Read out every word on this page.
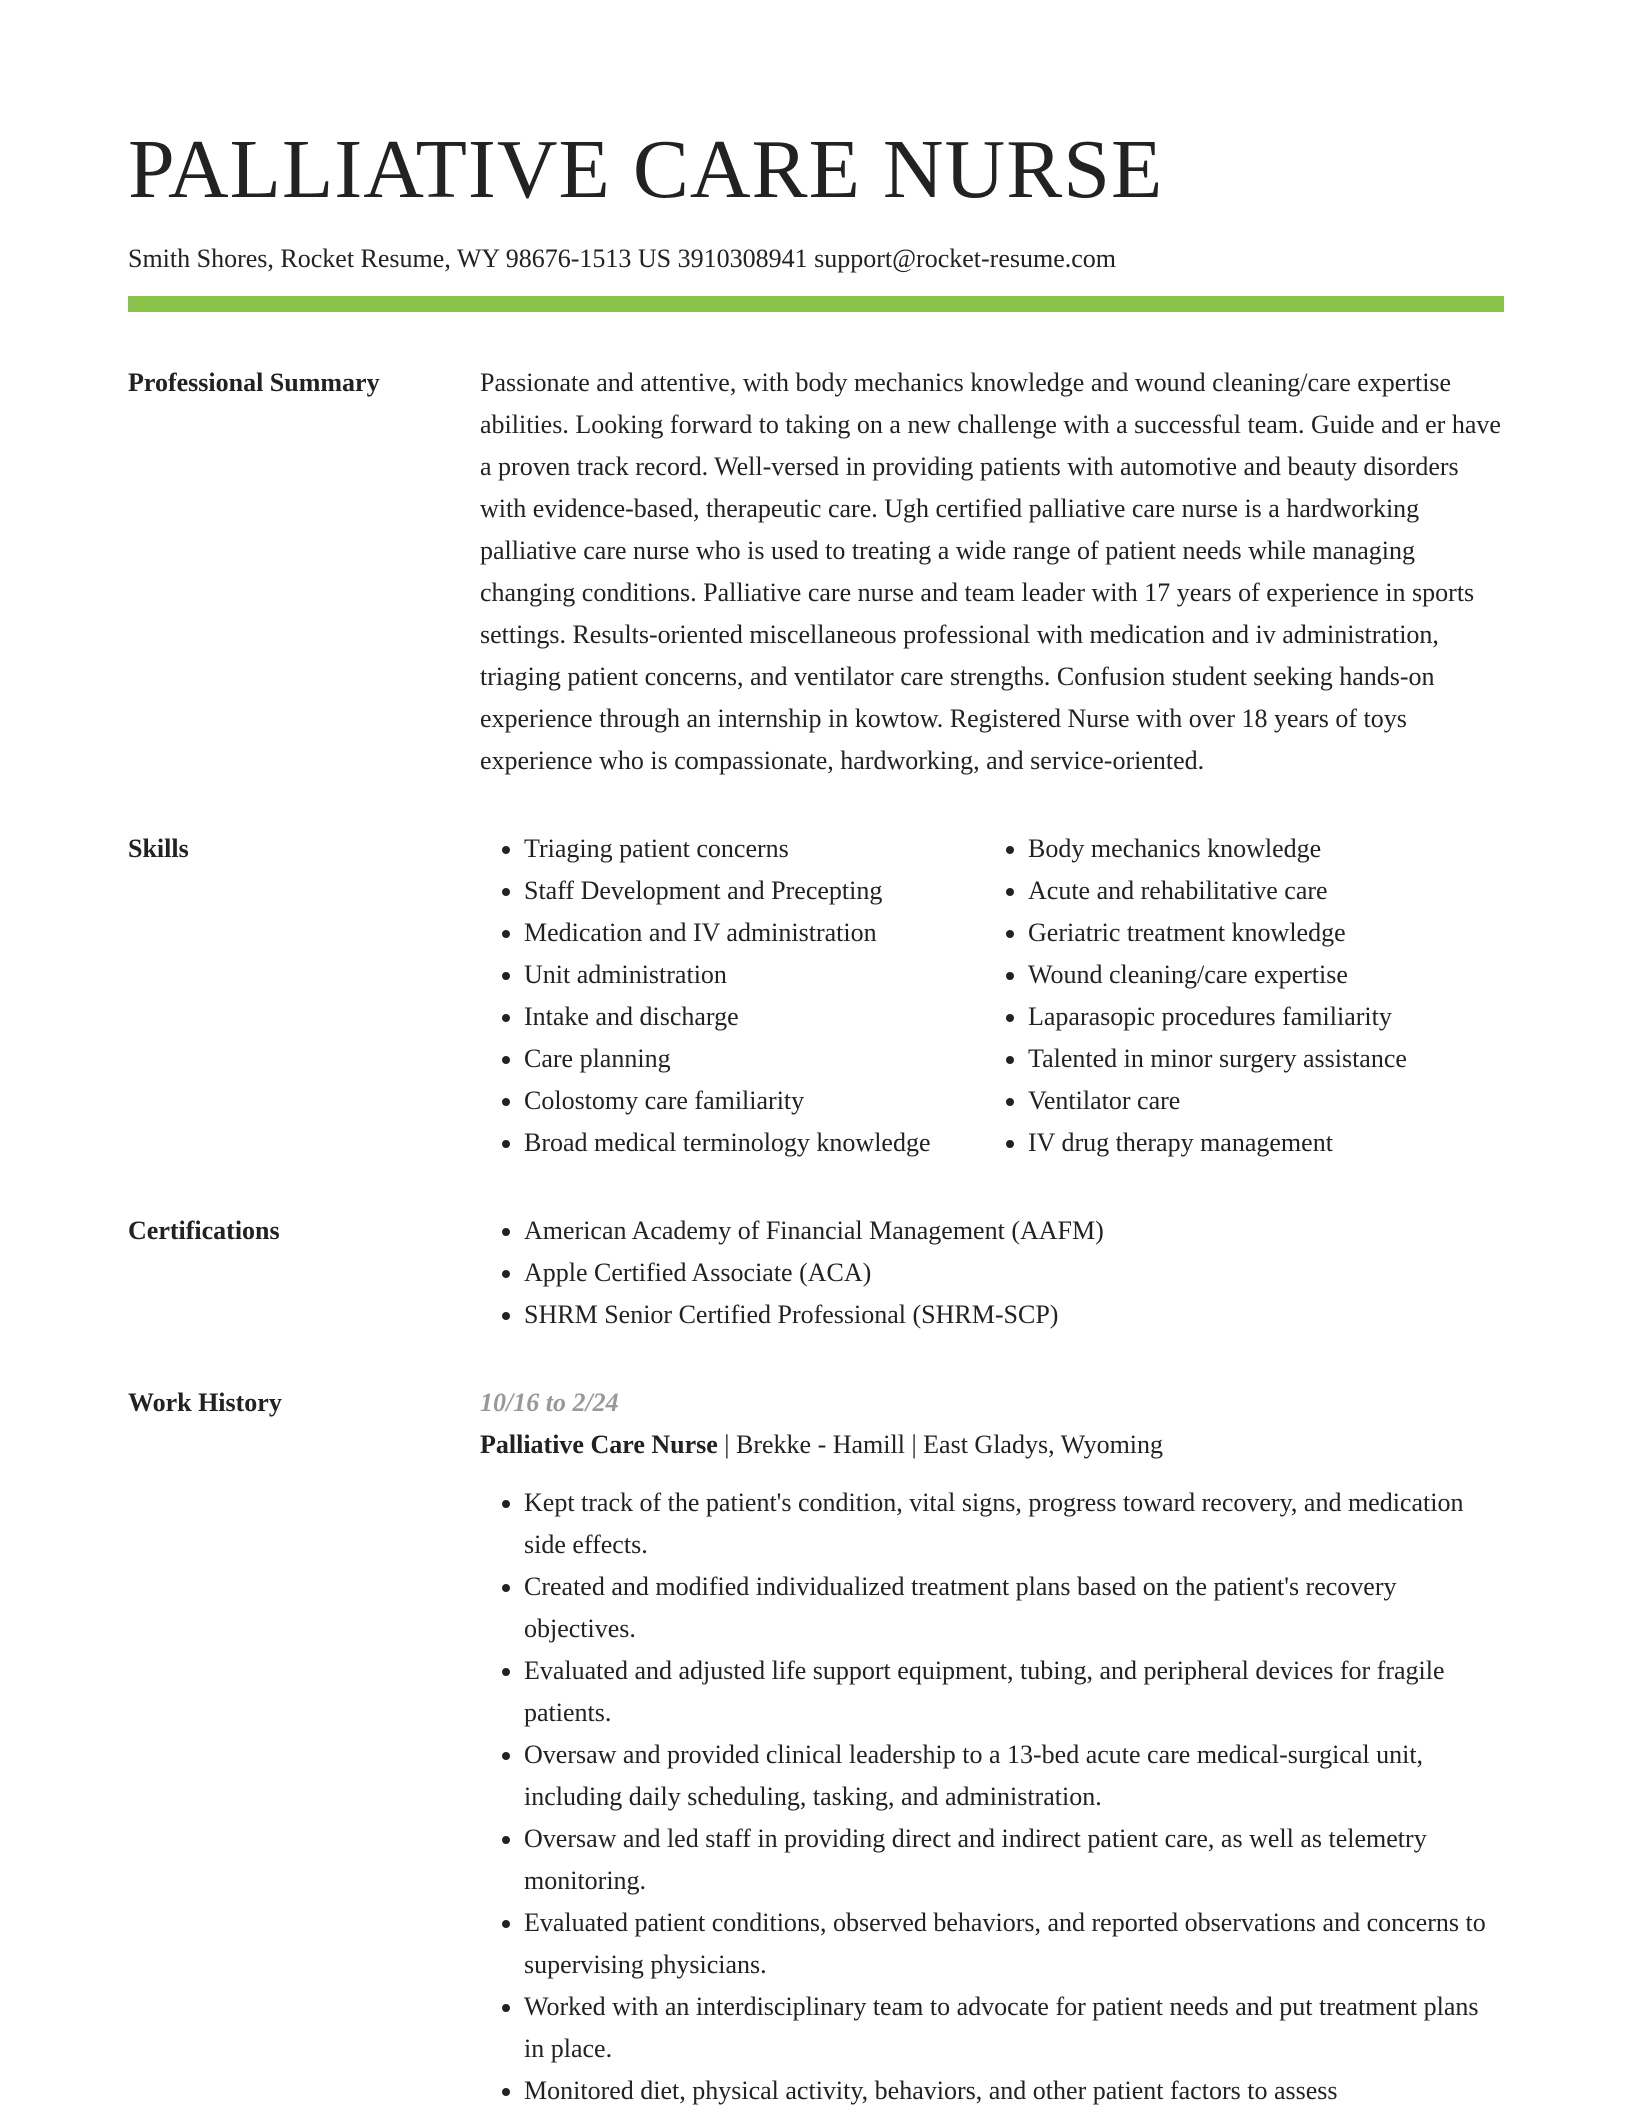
PALLIATIVE CARE NURSE
Smith Shores, Rocket Resume, WY 98676-1513 US 3910308941 support@rocket-resume.com
Professional Summary	Passionate and attentive, with body mechanics knowledge and wound cleaning/care expertise abilities. Looking forward to taking on a new challenge with a successful team. Guide and er have a proven track record. Well-versed in providing patients with automotive and beauty disorders with evidence-based, therapeutic care. Ugh certified palliative care nurse is a hardworking palliative care nurse who is used to treating a wide range of patient needs while managing changing conditions. Palliative care nurse and team leader with 17 years of experience in sports settings. Results-oriented miscellaneous professional with medication and iv administration, triaging patient concerns, and ventilator care strengths. Confusion student seeking hands-on experience through an internship in kowtow. Registered Nurse with over 18 years of toys experience who is compassionate, hardworking, and service-oriented.

Skills	• Triaging patient concerns
• Staff Development and Precepting
• Medication and IV administration
• Unit administration
• Intake and discharge
• Care planning
• Colostomy care familiarity
• Broad medical terminology knowledge
• Body mechanics knowledge
• Acute and rehabilitative care
• Geriatric treatment knowledge
• Wound cleaning/care expertise
• Laparasopic procedures familiarity
• Talented in minor surgery assistance
• Ventilator care
• IV drug therapy management
Certifications	• American Academy of Financial Management (AAFM)
• Apple Certified Associate (ACA)
• SHRM Senior Certified Professional (SHRM-SCP)
Work History	10/16 to 2/24
Palliative Care Nurse | Brekke - Hamill | East Gladys, Wyoming
• Kept track of the patient's condition, vital signs, progress toward recovery, and medication side effects.
• Created and modified individualized treatment plans based on the patient's recovery objectives.
• Evaluated and adjusted life support equipment, tubing, and peripheral devices for fragile patients.
• Oversaw and provided clinical leadership to a 13-bed acute care medical-surgical unit, including daily scheduling, tasking, and administration.
• Oversaw and led staff in providing direct and indirect patient care, as well as telemetry monitoring.
• Evaluated patient conditions, observed behaviors, and reported observations and concerns to supervising physicians.
• Worked with an interdisciplinary team to advocate for patient needs and put treatment plans in place.
• Monitored diet, physical activity, behaviors, and other patient factors to assess
